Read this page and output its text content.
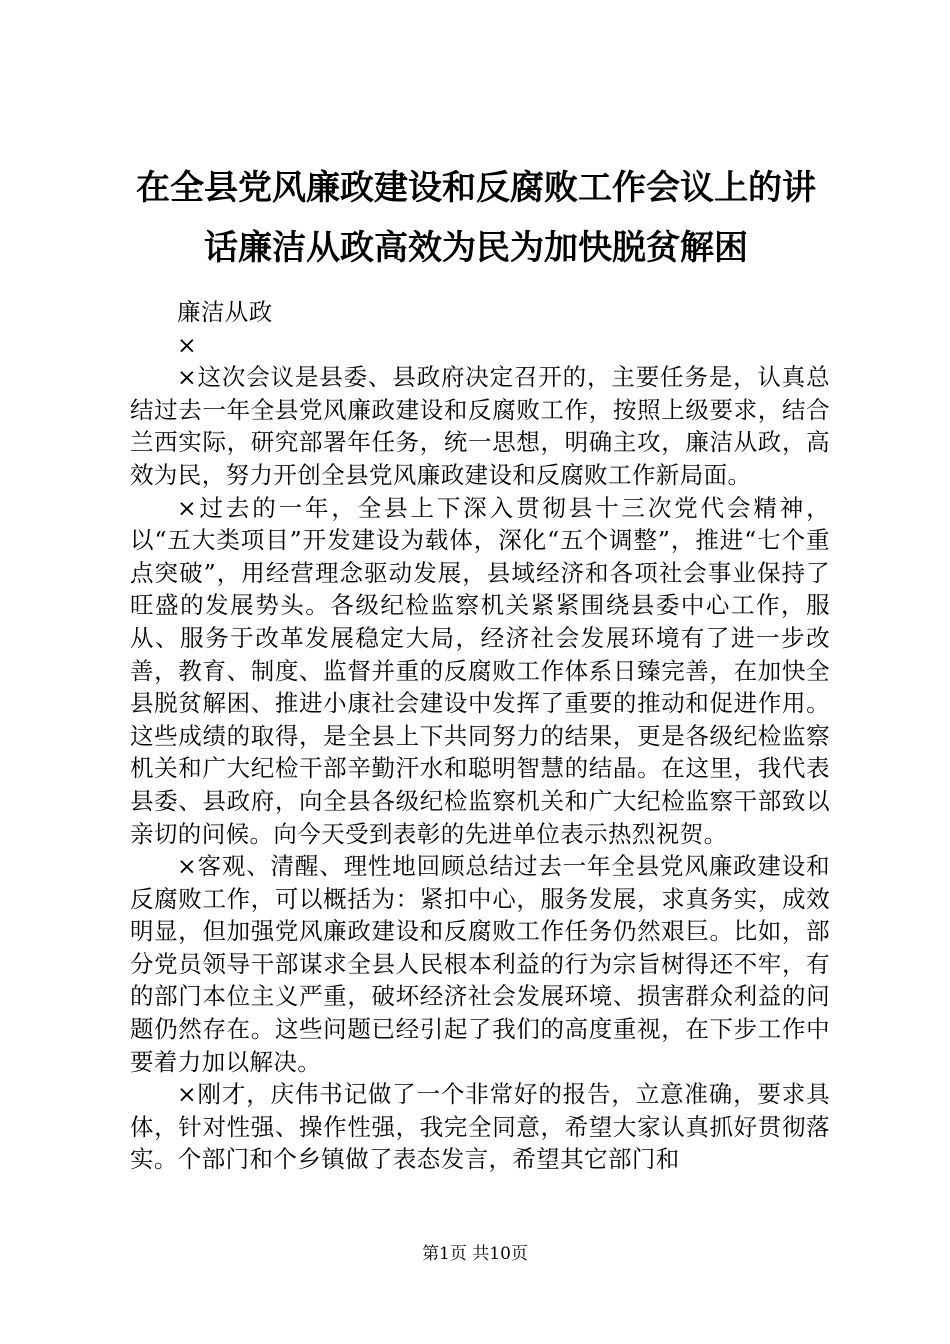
在全县党风廉政建设和反腐败工作会议上的讲话廉洁从政高效为民为加快脱贫解困

廉洁从政

×

×这次会议是县委、县政府决定召开的，主要任务是，认真总结过去一年全县党风廉政建设和反腐败工作，按照上级要求，结合兰西实际，研究部署年任务，统一思想，明确主攻，廉洁从政，高效为民，努力开创全县党风廉政建设和反腐败工作新局面。

×过去的一年，全县上下深入贯彻县十三次党代会精神，以“五大类项目”开发建设为载体，深化“五个调整”，推进“七个重点突破”，用经营理念驱动发展，县域经济和各项社会事业保持了旺盛的发展势头。各级纪检监察机关紧紧围绕县委中心工作，服从、服务于改革发展稳定大局，经济社会发展环境有了进一步改善，教育、制度、监督并重的反腐败工作体系日臻完善，在加快全县脱贫解困、推进小康社会建设中发挥了重要的推动和促进作用。这些成绩的取得，是全县上下共同努力的结果，更是各级纪检监察机关和广大纪检干部辛勤汗水和聪明智慧的结晶。在这里，我代表县委、县政府，向全县各级纪检监察机关和广大纪检监察干部致以亲切的问候。向今天受到表彰的先进单位表示热烈祝贺。

×客观、清醒、理性地回顾总结过去一年全县党风廉政建设和反腐败工作，可以概括为：紧扣中心，服务发展，求真务实，成效明显，但加强党风廉政建设和反腐败工作任务仍然艰巨。比如，部分党员领导干部谋求全县人民根本利益的行为宗旨树得还不牢，有的部门本位主义严重，破坏经济社会发展环境、损害群众利益的问题仍然存在。这些问题已经引起了我们的高度重视，在下步工作中要着力加以解决。

×刚才，庆伟书记做了一个非常好的报告，立意准确，要求具体，针对性强、操作性强，我完全同意，希望大家认真抓好贯彻落实。个部门和个乡镇做了表态发言，希望其它部门和

第1页 共10页
